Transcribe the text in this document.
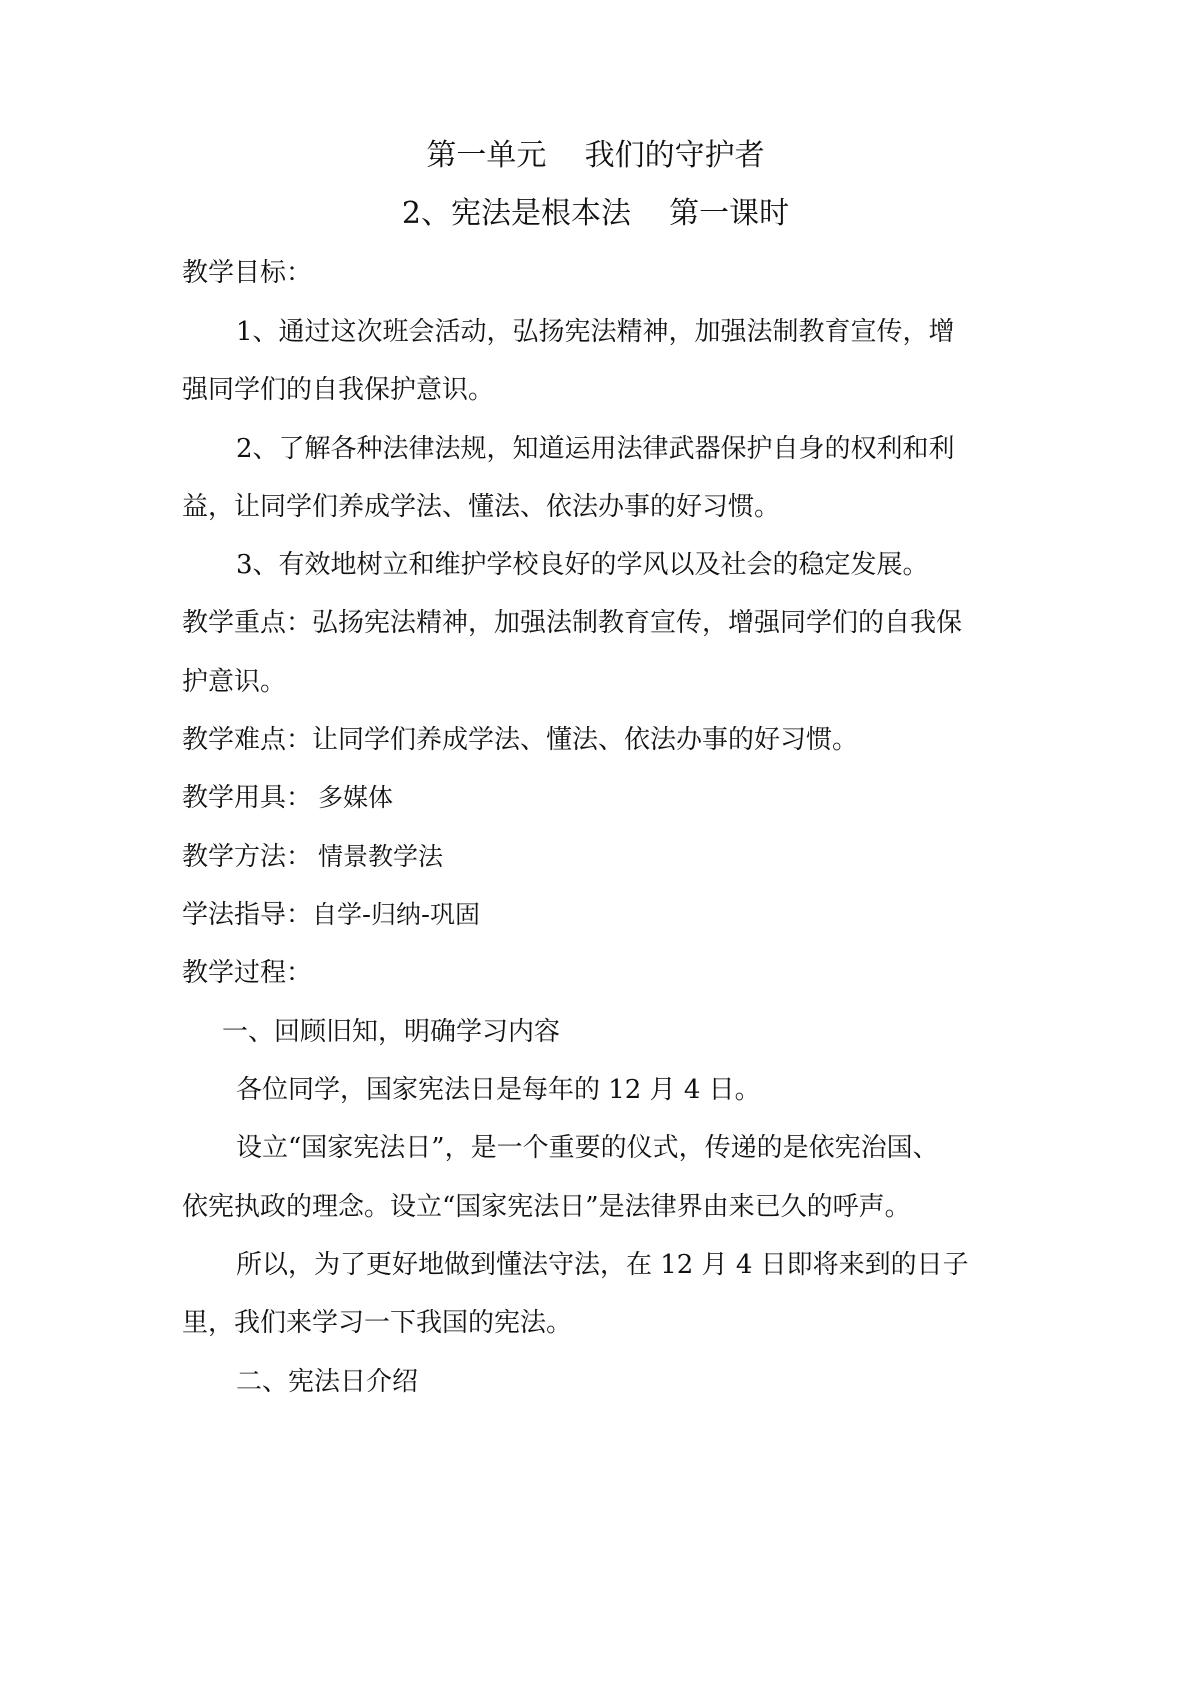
第一单元    我们的守护者
2、宪法是根本法    第一课时
教学目标：
1、通过这次班会活动，弘扬宪法精神，加强法制教育宣传，增
强同学们的自我保护意识。
2、了解各种法律法规，知道运用法律武器保护自身的权利和利
益，让同学们养成学法、懂法、依法办事的好习惯。
3、有效地树立和维护学校良好的学风以及社会的稳定发展。
教学重点：弘扬宪法精神，加强法制教育宣传，增强同学们的自我保
护意识。
教学难点：让同学们养成学法、懂法、依法办事的好习惯。
教学用具： 多媒体
教学方法： 情景教学法
学法指导：自学-归纳-巩固
教学过程：
一、回顾旧知，明确学习内容
各位同学，国家宪法日是每年的 12 月 4 日。
设立“国家宪法日”，是一个重要的仪式，传递的是依宪治国、
依宪执政的理念。设立“国家宪法日”是法律界由来已久的呼声。
所以，为了更好地做到懂法守法，在 12 月 4 日即将来到的日子
里，我们来学习一下我国的宪法。
二、宪法日介绍
